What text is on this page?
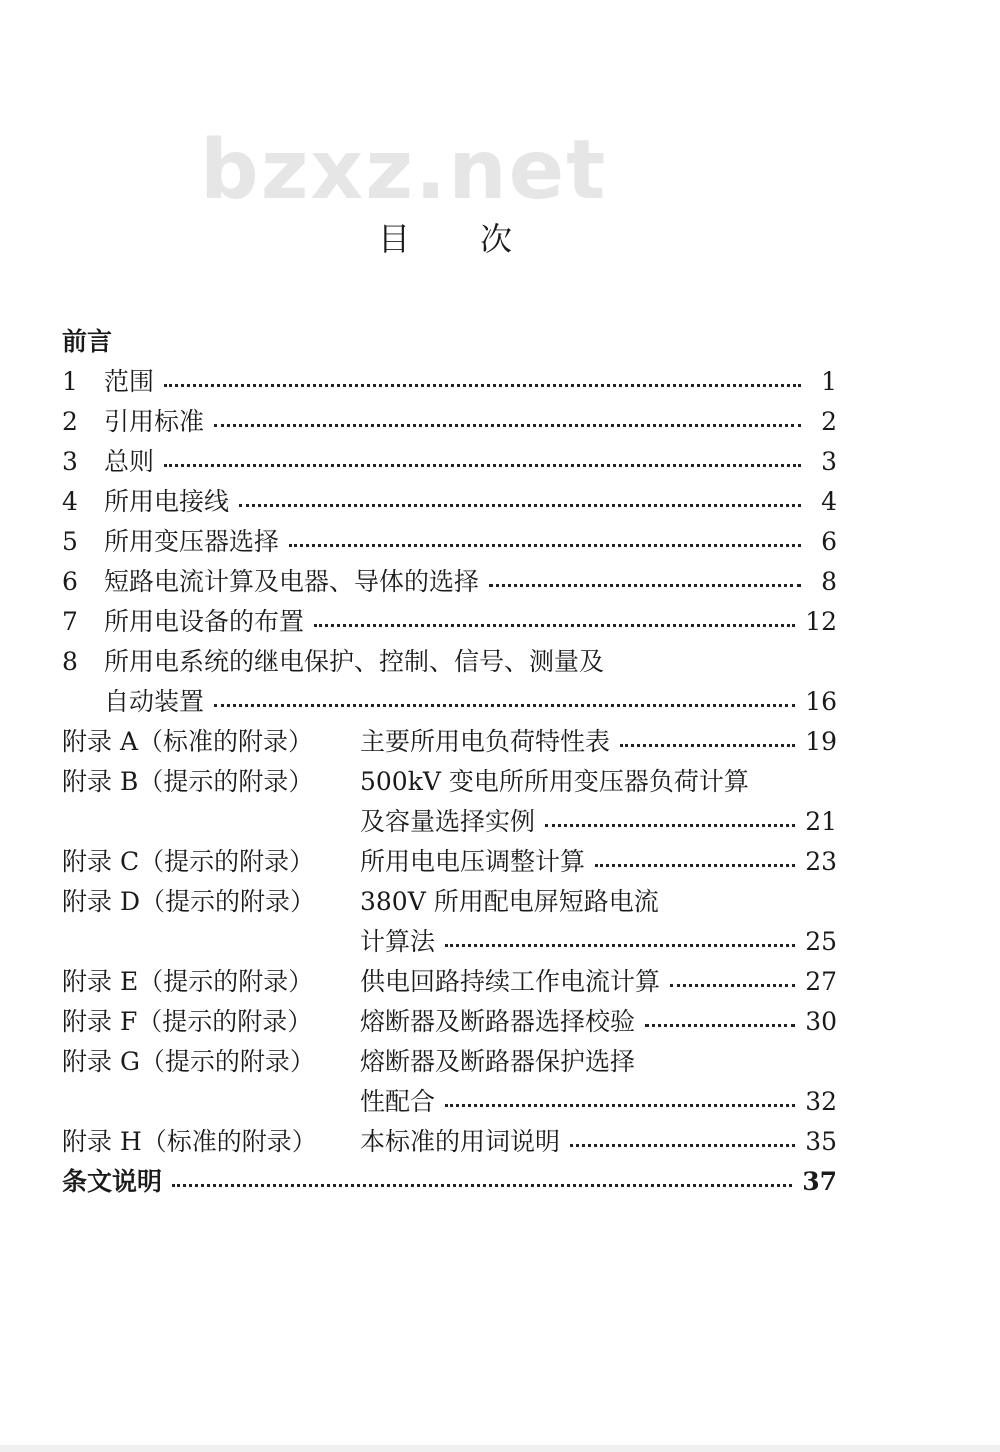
bzxz.net
目次
前言
1	范围	1
2	引用标准	2
3	总则	3
4	所用电接线	4
5	所用变压器选择	6
6	短路电流计算及电器、导体的选择	8
7	所用电设备的布置	12
8	所用电系统的继电保护、控制、信号、测量及
自动装置	16
附录 A（标准的附录）	主要所用电负荷特性表	19
附录 B（提示的附录）	500kV 变电所所用变压器负荷计算
及容量选择实例	21
附录 C（提示的附录）	所用电电压调整计算	23
附录 D（提示的附录）	380V 所用配电屏短路电流
计算法	25
附录 E（提示的附录）	供电回路持续工作电流计算	27
附录 F（提示的附录）	熔断器及断路器选择校验	30
附录 G（提示的附录）	熔断器及断路器保护选择
性配合	32
附录 H（标准的附录）	本标准的用词说明	35
条文说明	37
